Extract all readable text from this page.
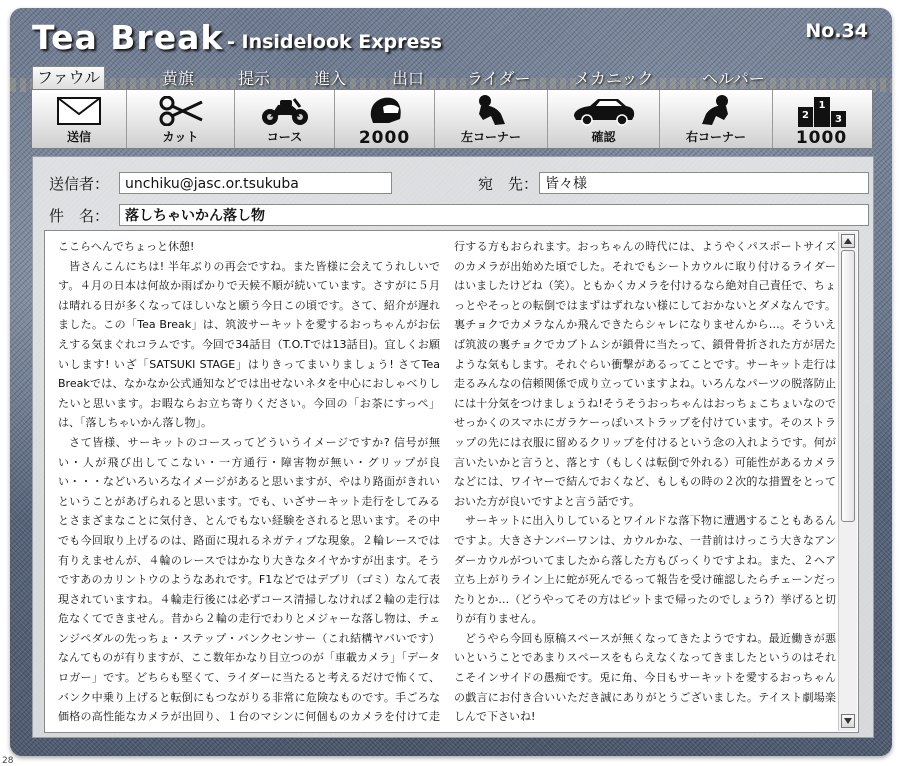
Tea Break - Insidelook Express	No.34
ファウル	黄旗	提示	進入	出口	ライダー	メカニック	ヘルパー
送信	カット	コース	2000	左コーナー	確認	右コーナー
1
2	3
1000
送信者：	unchiku@jasc.or.tsukuba	宛　先： 皆々様
件　名：	落しちゃいかん落し物

ここらへんでちょっと休憩!

皆さんこんにちは! 半年ぶりの再会ですね。また皆様に会えてうれしいです。４月の日本は何故か雨ばかりで天候不順が続いています。さすがに５月は晴れる日が多くなってほしいなと願う今日この頃です。さて、紹介が遅れました。この「Tea Break」は、筑波サーキットを愛するおっちゃんがお伝えする気まぐれコラムです。今回で34話目（T.O.Tでは13話目)。宜しくお願いします! いざ「SATSUKI STAGE」はりきってまいりましょう! さてTea Breakでは、なかなか公式通知などでは出せないネタを中心におしゃべりしたいと思います。お暇ならお立ち寄りください。今回の「お茶にすっぺ」は、「落しちゃいかん落し物」。

さて皆様、サーキットのコースってどういうイメージですか? 信号が無い・人が飛び出してこない・一方通行・障害物が無い・グリップが良い・・・などいろいろなイメージがあると思いますが、やはり路面がきれいということがあげられると思います。でも、いざサーキット走行をしてみるとさまざまなことに気付き、とんでもない経験をされると思います。その中でも今回取り上げるのは、路面に現れるネガティブな現象。２輪レースでは有りえませんが、４輪のレースではかなり大きなタイヤかすが出ます。そうですあのカリントウのようなあれです。F1などではデブリ（ゴミ）なんて表現されていますね。４輪走行後には必ずコース清掃しなければ２輪の走行は危なくてできません。昔から２輪の走行でわりとメジャーな落し物は、チェンジペダルの先っちょ・ステップ・バンクセンサー（これ結構ヤバいです）なんてものが有りますが、ここ数年かなり目立つのが「車載カメラ」「データロガー」です。どちらも堅くて、ライダーに当たると考えるだけで怖くて、バンク中乗り上げると転倒にもつながりる非常に危険なものです。手ごろな価格の高性能なカメラが出回り、１台のマシンに何個ものカメラを付けて走行する方もおられます。おっちゃんの時代には、ようやくパスポートサイズのカメラが出始めた頃でした。それでもシートカウルに取り付けるライダーはいましたけどね（笑）。ともかくカメラを付けるなら絶対自己責任で、ちょっとやそっとの転倒ではまずはずれない様にしておかないとダメなんです。裏チョクでカメラなんか飛んできたらシャレになりませんから…。そういえば筑波の裏チョクでカブトムシが鎖骨に当たって、鎖骨骨折された方が居たような気もします。それぐらい衝撃があるってことです。サーキット走行は走るみんなの信頼関係で成り立っていますよね。いろんなパーツの脱落防止には十分気をつけましょうね!そうそうおっちゃんはおっちょこちょいなのでせっかくのスマホにガラケーっぽいストラップを付けています。そのストラップの先には衣服に留めるクリップを付けるという念の入れようです。何が言いたいかと言うと、落とす（もしくは転倒で外れる）可能性があるカメラなどには、ワイヤーで結んでおくなど、もしもの時の２次的な措置をとっておいた方が良いですよと言う話です。

サーキットに出入りしているとワイルドな落下物に遭遇することもあるんですよ。大きさナンバーワンは、カウルかな、一昔前はけっこう大きなアンダーカウルがついてましたから落した方もびっくりですよね。また、２ヘア立ち上がりライン上に蛇が死んでるって報告を受け確認したらチェーンだったりとか…（どうやってその方はピットまで帰ったのでしょう?）挙げると切りが有りません。

どうやら今回も原稿スペースが無くなってきたようですね。最近働きが悪いということであまりスペースをもらえなくなってきましたというのはそれこそインサイドの愚痴です。兎に角、今日もサーキットを愛するおっちゃんの戯言にお付き合いいただき誠にありがとうございました。テイスト劇場楽しんで下さいね!

28
